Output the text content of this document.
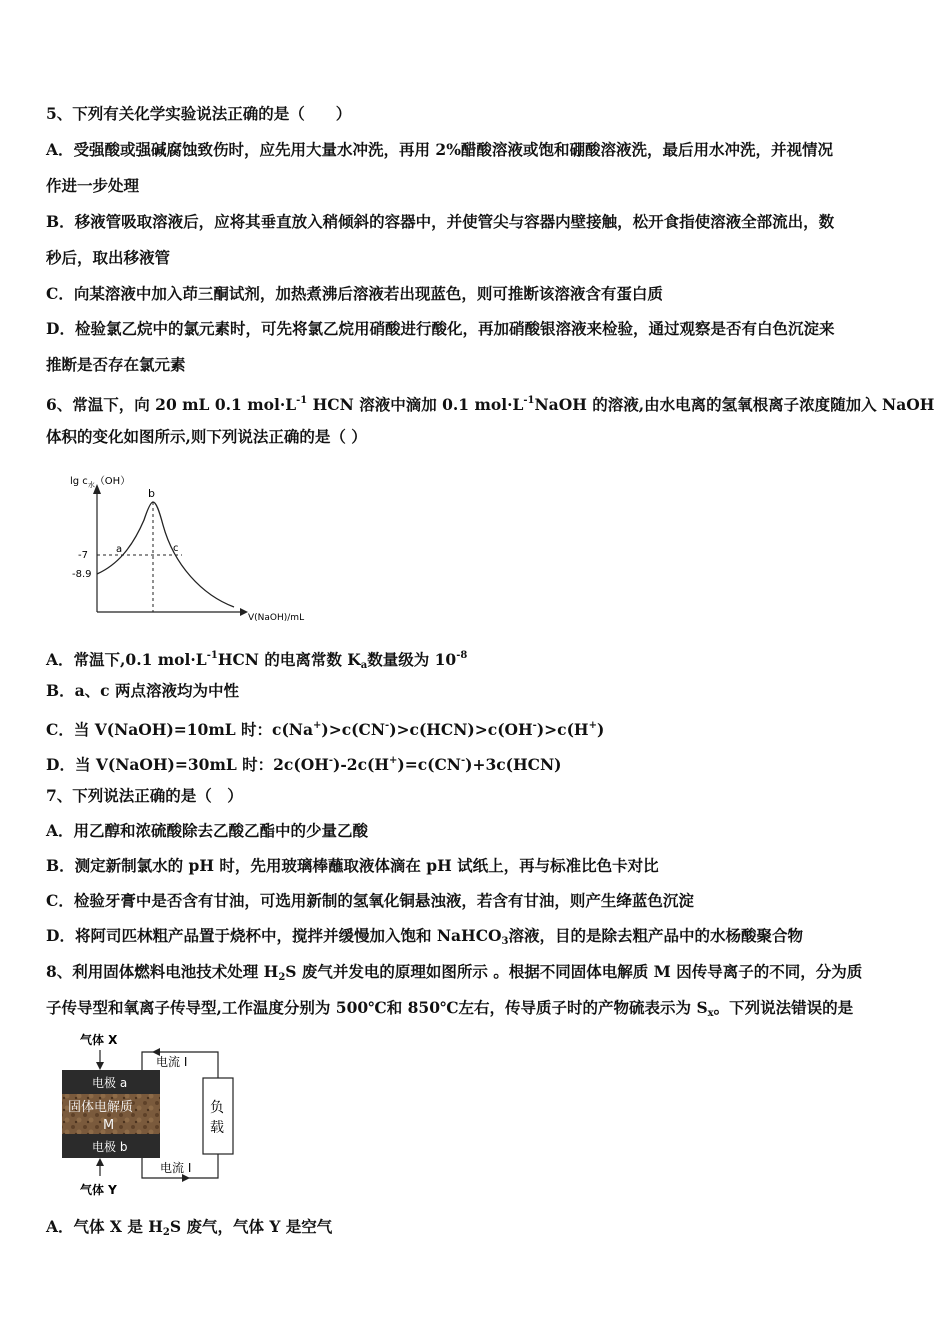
5、下列有关化学实验说法正确的是（　　）
A．受强酸或强碱腐蚀致伤时，应先用大量水冲洗，再用 2%醋酸溶液或饱和硼酸溶液洗，最后用水冲洗，并视情况
作进一步处理
B．移液管吸取溶液后，应将其垂直放入稍倾斜的容器中，并使管尖与容器内壁接触，松开食指使溶液全部流出，数
秒后，取出移液管
C．向某溶液中加入茚三酮试剂，加热煮沸后溶液若出现蓝色，则可推断该溶液含有蛋白质
D．检验氯乙烷中的氯元素时，可先将氯乙烷用硝酸进行酸化，再加硝酸银溶液来检验，通过观察是否有白色沉淀来
推断是否存在氯元素
6、常温下，向 20 mL 0.1 $mol\cdot L^{-1}$ HCN 溶液中滴加 0.1 $mol\cdot L^{-1}NaOH$ 的溶液,由水电离的氢氧根离子浓度随加入 NaOH
体积的变化如图所示,则下列说法正确的是（ ）
$\lg c_水(OH)$
-7
-8.9
a
b
c
V(NaOH)/mL
A．常温下,0.1 $mol\cdot L^{-1}HCN$ 的电离常数 $K_a$数量级为 $10^{-8}$
B．a、c 两点溶液均为中性
C．当 V(NaOH)=10mL 时：c(Na+)>c(CN-)>c(HCN)>c(OH-)>c(H+)
D．当 V(NaOH)=30mL 时：2c(OH-)-2c(H+)=c(CN-)+3c(HCN)
7、下列说法正确的是（　）
A．用乙醇和浓硫酸除去乙酸乙酯中的少量乙酸
B．测定新制氯水的 pH 时，先用玻璃棒蘸取液体滴在 pH 试纸上，再与标准比色卡对比
C．检验牙膏中是否含有甘油，可选用新制的氢氧化铜悬浊液，若含有甘油，则产生绛蓝色沉淀
D．将阿司匹林粗产品置于烧杯中，搅拌并缓慢加入饱和 NaHCO$_3$溶液，目的是除去粗产品中的水杨酸聚合物
8、利用固体燃料电池技术处理 $H_2S$ 废气并发电的原理如图所示 。根据不同固体电解质 M 因传导离子的不同，分为质
子传导型和氧离子传导型,工作温度分别为 500℃和 850℃左右，传导质子时的产物硫表示为 $S_x$。下列说法错误的是
气体 X
电极 a
固体电解质
M
电极 b
电流 I
负
载
电流 I
气体 Y
A．气体 X 是 $H_2S$ 废气，气体 Y 是空气
